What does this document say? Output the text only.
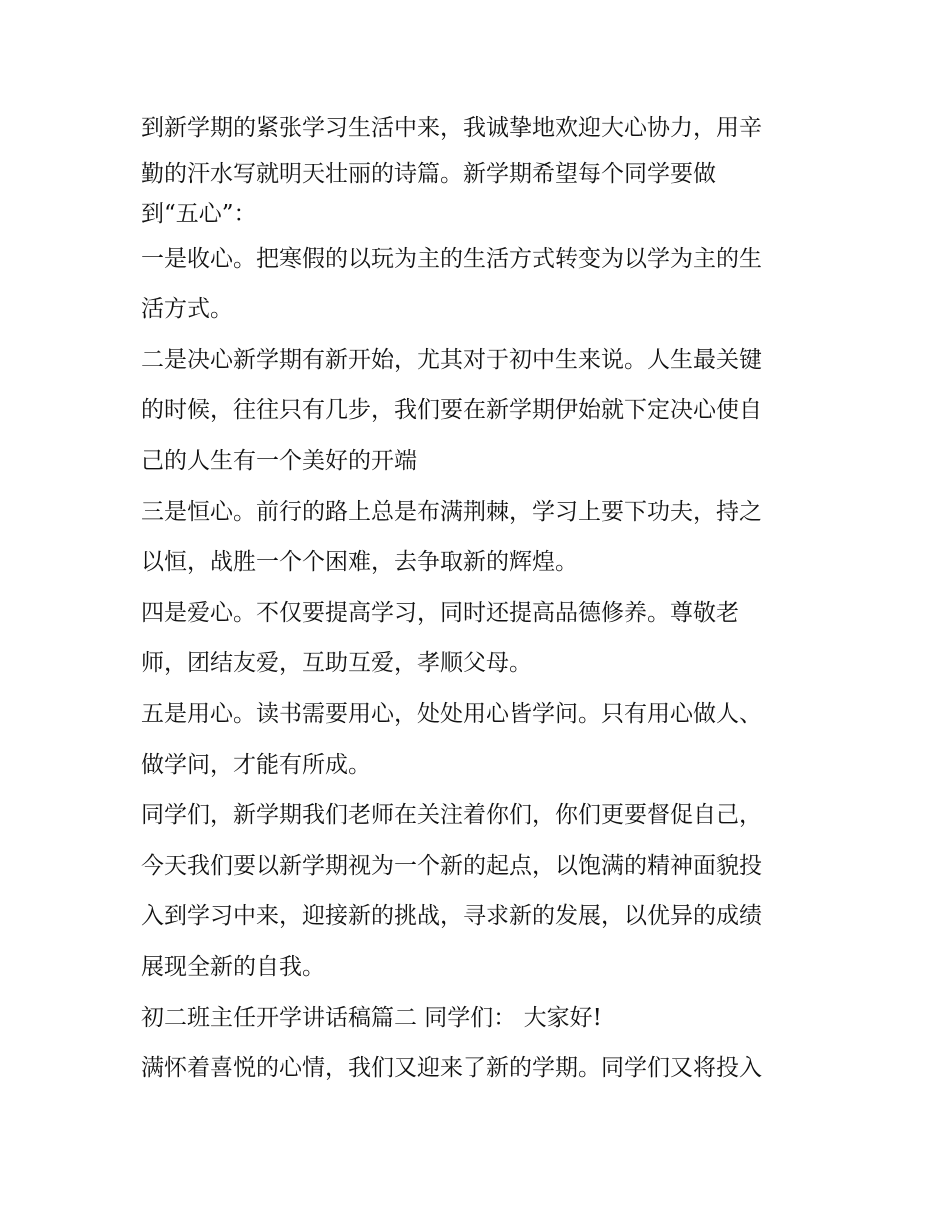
到新学期的紧张学习生活中来，我诚挚地欢迎大心协力，用辛
勤的汗水写就明天壮丽的诗篇。新学期希望每个同学要做
到“五心”：
一是收心。把寒假的以玩为主的生活方式转变为以学为主的生
活方式。
二是决心新学期有新开始，尤其对于初中生来说。人生最关键
的时候，往往只有几步，我们要在新学期伊始就下定决心使自
己的人生有一个美好的开端
三是恒心。前行的路上总是布满荆棘，学习上要下功夫，持之
以恒，战胜一个个困难，去争取新的辉煌。
四是爱心。不仅要提高学习，同时还提高品德修养。尊敬老
师，团结友爱，互助互爱，孝顺父母。
五是用心。读书需要用心，处处用心皆学问。只有用心做人、
做学问，才能有所成。
同学们，新学期我们老师在关注着你们，你们更要督促自己，
今天我们要以新学期视为一个新的起点，以饱满的精神面貌投
入到学习中来，迎接新的挑战，寻求新的发展，以优异的成绩
展现全新的自我。
初二班主任开学讲话稿篇二 同学们： 大家好!
满怀着喜悦的心情，我们又迎来了新的学期。同学们又将投入
